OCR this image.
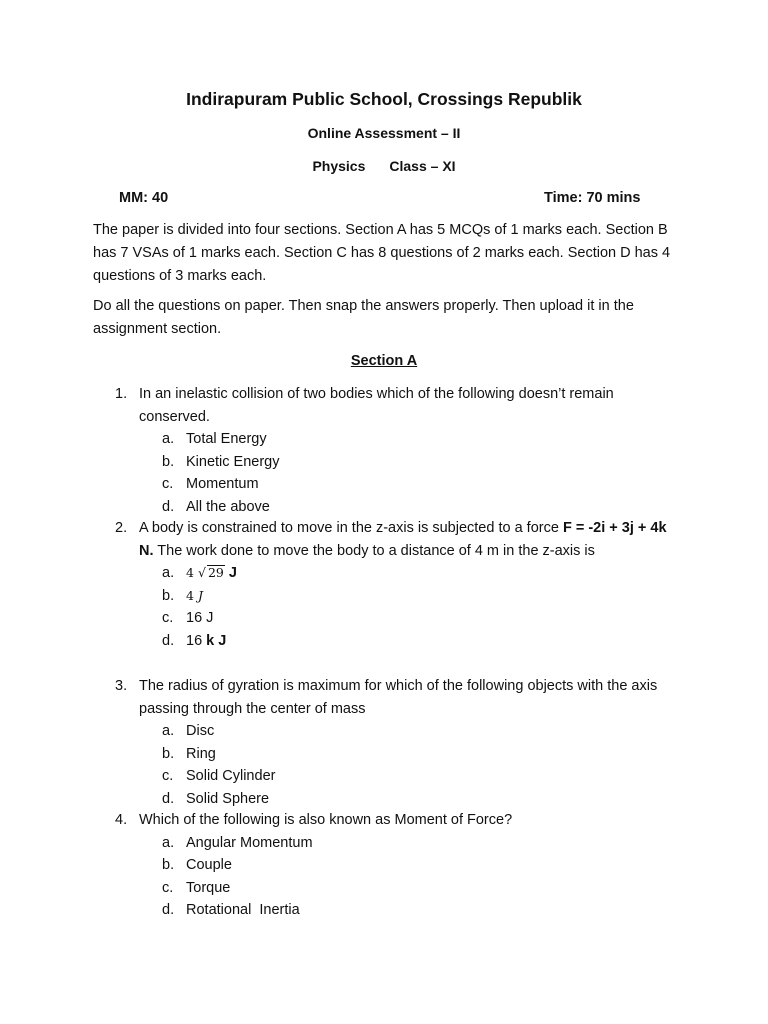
Indirapuram Public School, Crossings Republik
Online Assessment – II
Physics Class – XI
MM: 40	Time: 70 mins
The paper is divided into four sections. Section A has 5 MCQs of 1 marks each. Section B has 7 VSAs of 1 marks each. Section C has 8 questions of 2 marks each. Section D has 4 questions of 3 marks each.
Do all the questions on paper. Then snap the answers properly. Then upload it in the assignment section.
Section A
1. In an inelastic collision of two bodies which of the following doesn’t remain conserved.
a. Total Energy
b. Kinetic Energy
c. Momentum
d. All the above
2. A body is constrained to move in the z-axis is subjected to a force F = -2i + 3j + 4k N. The work done to move the body to a distance of 4 m in the z-axis is
a. 4 √ 29 J
b. 4 J
c. 16 J
d. 16 k J
3. The radius of gyration is maximum for which of the following objects with the axis passing through the center of mass
a. Disc
b. Ring
c. Solid Cylinder
d. Solid Sphere
4. Which of the following is also known as Moment of Force?
a. Angular Momentum
b. Couple
c. Torque
d. Rotational  Inertia
